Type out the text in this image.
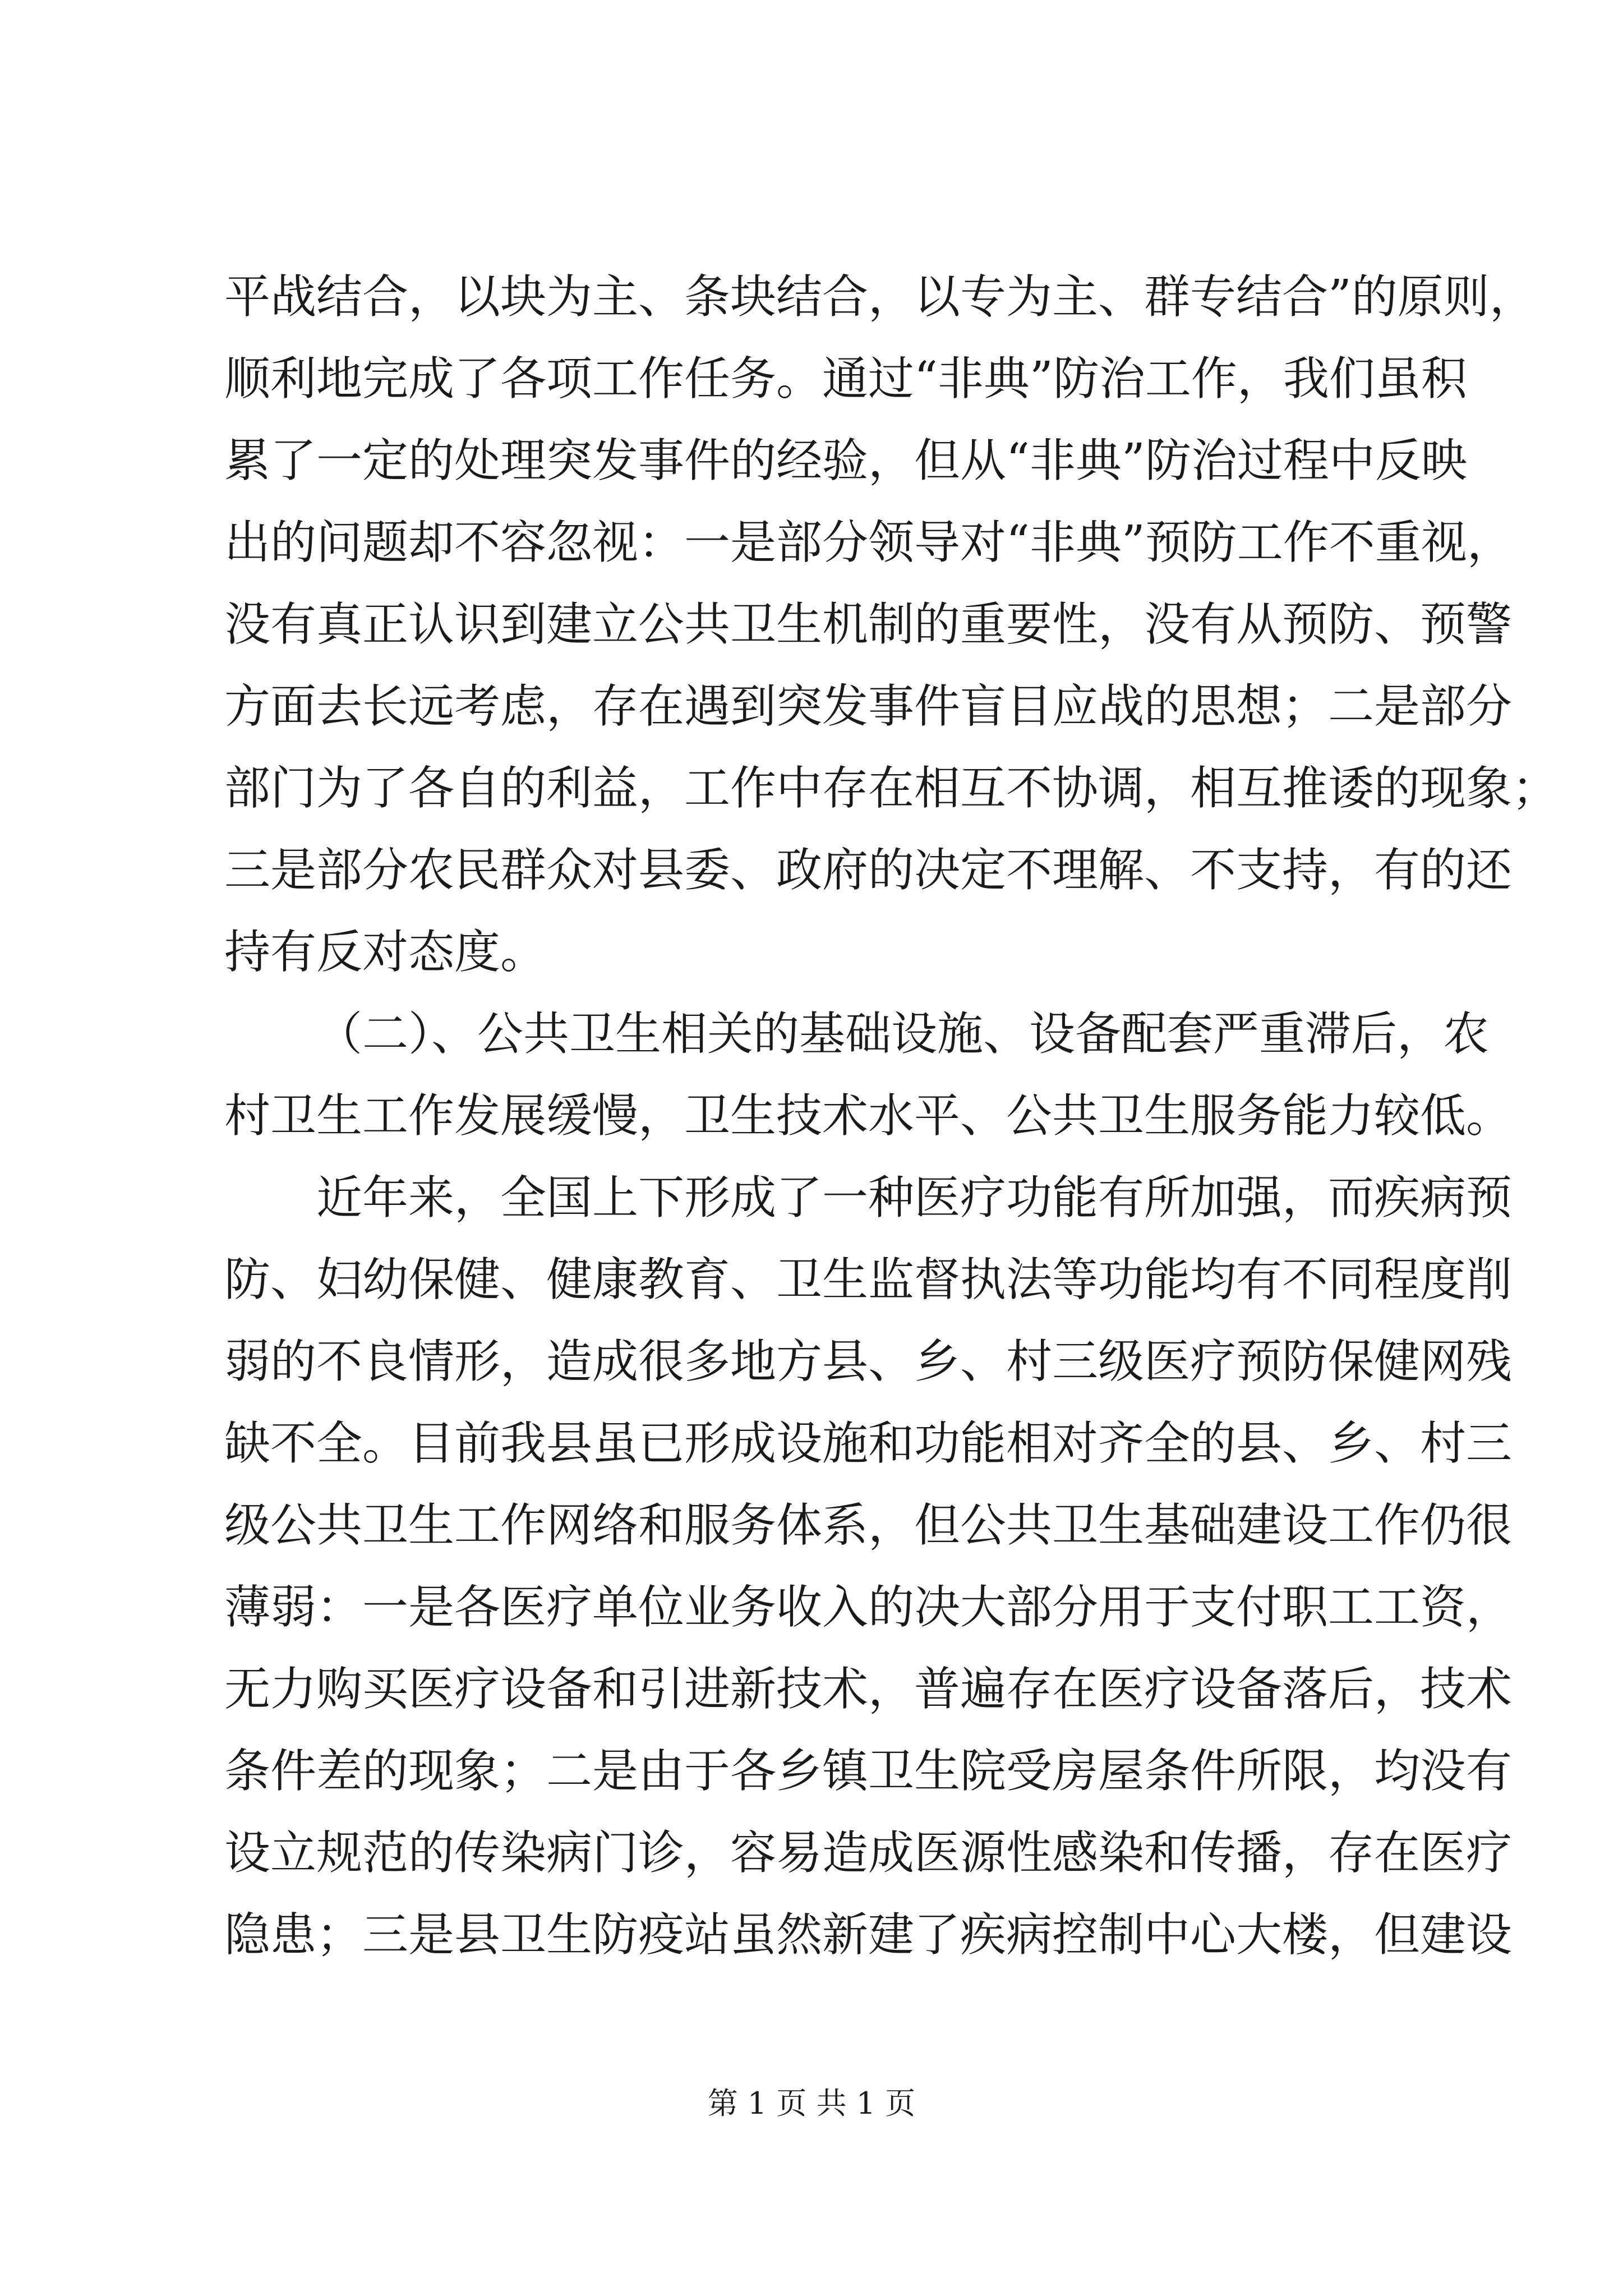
平战结合，以块为主、条块结合，以专为主、群专结合”的原则，
顺利地完成了各项工作任务。通过“非典”防治工作，我们虽积
累了一定的处理突发事件的经验，但从“非典”防治过程中反映
出的问题却不容忽视：一是部分领导对“非典”预防工作不重视，
没有真正认识到建立公共卫生机制的重要性，没有从预防、预警
方面去长远考虑，存在遇到突发事件盲目应战的思想；二是部分
部门为了各自的利益，工作中存在相互不协调，相互推诿的现象；
三是部分农民群众对县委、政府的决定不理解、不支持，有的还
持有反对态度。
（二）、公共卫生相关的基础设施、设备配套严重滞后，农
村卫生工作发展缓慢，卫生技术水平、公共卫生服务能力较低。
近年来，全国上下形成了一种医疗功能有所加强，而疾病预
防、妇幼保健、健康教育、卫生监督执法等功能均有不同程度削
弱的不良情形，造成很多地方县、乡、村三级医疗预防保健网残
缺不全。目前我县虽已形成设施和功能相对齐全的县、乡、村三
级公共卫生工作网络和服务体系，但公共卫生基础建设工作仍很
薄弱：一是各医疗单位业务收入的决大部分用于支付职工工资，
无力购买医疗设备和引进新技术，普遍存在医疗设备落后，技术
条件差的现象；二是由于各乡镇卫生院受房屋条件所限，均没有
设立规范的传染病门诊，容易造成医源性感染和传播，存在医疗
隐患；三是县卫生防疫站虽然新建了疾病控制中心大楼，但建设
第 1 页 共 1 页
